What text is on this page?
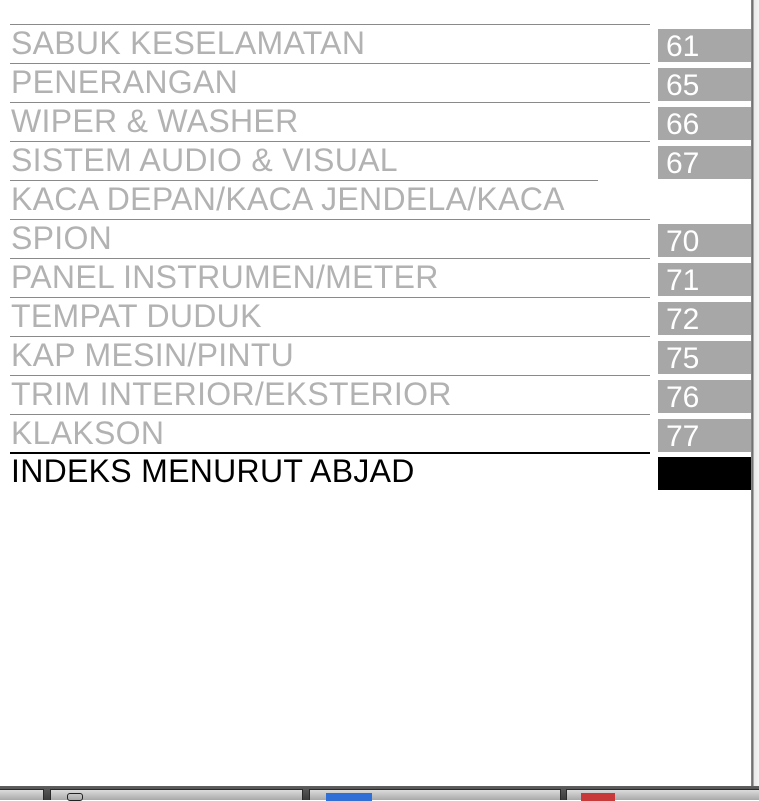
SABUK KESELAMATAN	61
PENERANGAN	65
WIPER & WASHER	66
SISTEM AUDIO & VISUAL	67
KACA DEPAN/KACA JENDELA/KACA
SPION	70
PANEL INSTRUMEN/METER	71
TEMPAT DUDUK	72
KAP MESIN/PINTU	75
TRIM INTERIOR/EKSTERIOR	76
KLAKSON	77
INDEKS MENURUT ABJAD
